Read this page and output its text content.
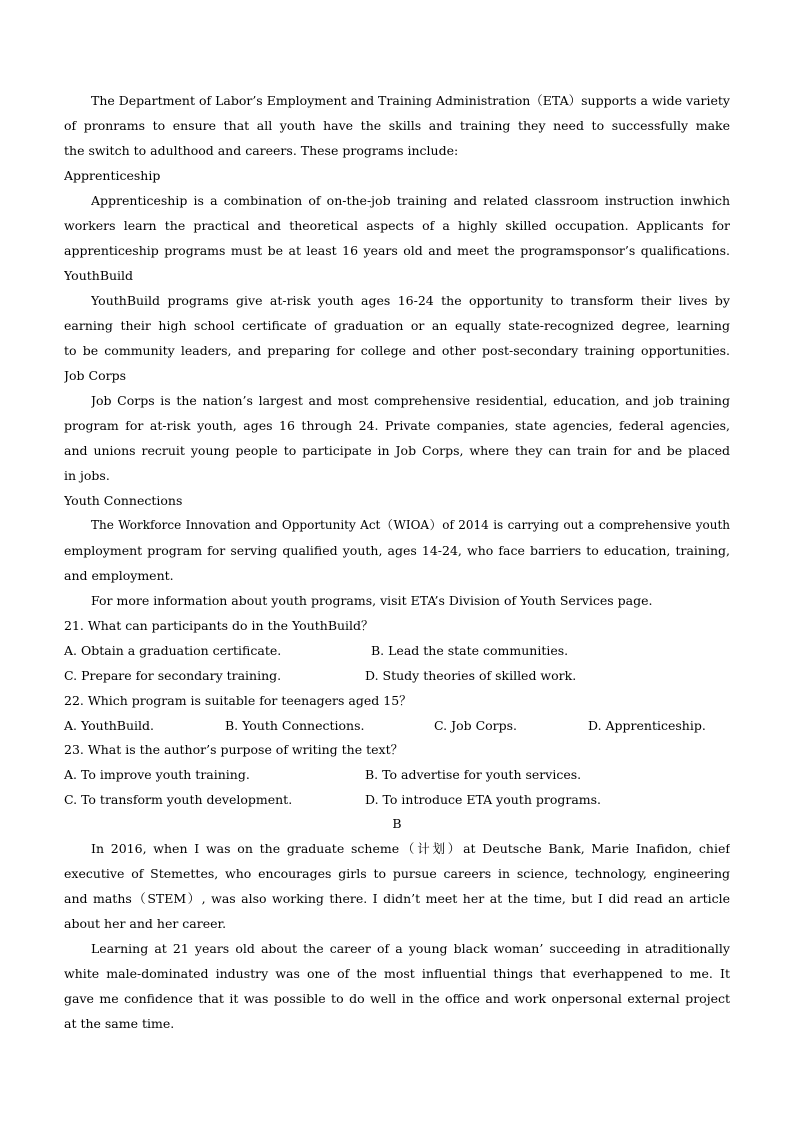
The Department of Labor’s Employment and Training Administration（ETA）supports a wide variety
of pronrams to ensure that all youth have the skills and training they need to successfully make
the switch to adulthood and careers. These programs include:
Apprenticeship
Apprenticeship is a combination of on-the-job training and related classroom instruction inwhich
workers learn the practical and theoretical aspects of a highly skilled occupation. Applicants for
apprenticeship programs must be at least 16 years old and meet the programsponsor’s qualifications.
YouthBuild
YouthBuild programs give at-risk youth ages 16-24 the opportunity to transform their lives by
earning their high school certificate of graduation or an equally state-recognized degree, learning
to be community leaders, and preparing for college and other post-secondary training opportunities.
Job Corps
Job Corps is the nation’s largest and most comprehensive residential, education, and job training
program for at-risk youth, ages 16 through 24. Private companies, state agencies, federal agencies,
and unions recruit young people to participate in Job Corps, where they can train for and be placed
in jobs.
Youth Connections
The Workforce Innovation and Opportunity Act（WIOA）of 2014 is carrying out a comprehensive youth
employment program for serving qualified youth, ages 14-24, who face barriers to education, training,
and employment.
For more information about youth programs, visit ETA’s Division of Youth Services page.
21. What can participants do in the YouthBuild？
A. Obtain a graduation certificate.	B. Lead the state communities.
C. Prepare for secondary training.	D. Study theories of skilled work.
22. Which program is suitable for teenagers aged 15？
A. YouthBuild.	B. Youth Connections.	C. Job Corps.	D. Apprenticeship.
23. What is the author’s purpose of writing the text？
A. To improve youth training.	B. To advertise for youth services.
C. To transform youth development.	D. To introduce ETA youth programs.
B
In 2016, when I was on the graduate scheme（计划）at Deutsche Bank, Marie Inafidon, chief
executive of Stemettes, who encourages girls to pursue careers in science, technology, engineering
and maths（STEM）, was also working there. I didn’t meet her at the time, but I did read an article
about her and her career.
Learning at 21 years old about the career of a young black woman’ succeeding in atraditionally
white male-dominated industry was one of the most influential things that everhappened to me. It
gave me confidence that it was possible to do well in the office and work onpersonal external project
at the same time.
